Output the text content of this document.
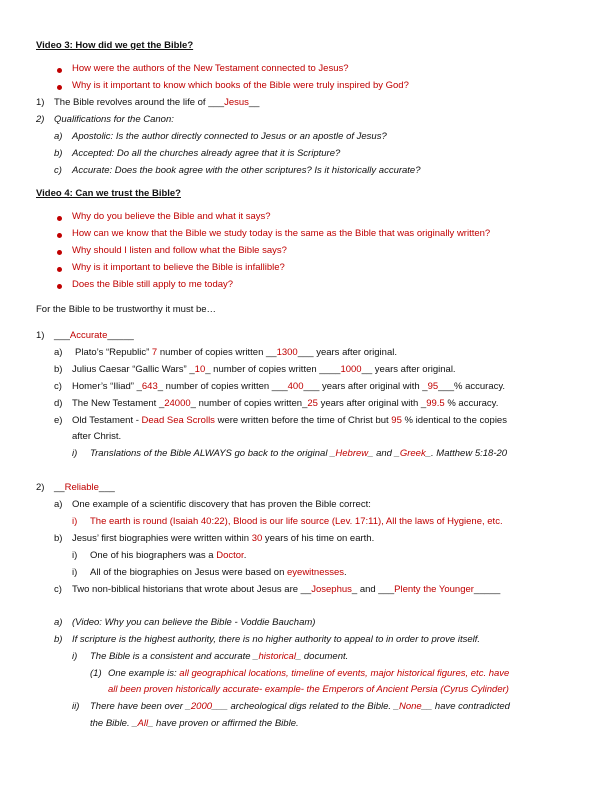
Video 3: How did we get the Bible?
How were the authors of the New Testament connected to Jesus?
Why is it important to know which books of the Bible were truly inspired by God?
1) The Bible revolves around the life of ___Jesus__
2) Qualifications for the Canon:
a) Apostolic: Is the author directly connected to Jesus or an apostle of Jesus?
b) Accepted: Do all the churches already agree that it is Scripture?
c) Accurate: Does the book agree with the other scriptures? Is it historically accurate?
Video 4: Can we trust the Bible?
Why do you believe the Bible and what it says?
How can we know that the Bible we study today is the same as the Bible that was originally written?
Why should I listen and follow what the Bible says?
Why is it important to believe the Bible is infallible?
Does the Bible still apply to me today?
For the Bible to be trustworthy it must be…
1) ___Accurate_____
a) Plato’s “Republic” 7 number of copies written __1300___ years after original.
b) Julius Caesar “Gallic Wars” _10_ number of copies written ____1000__ years after original.
c) Homer’s “Iliad” _643_ number of copies written ___400___ years after original with _95___% accuracy.
d) The New Testament _24000_ number of copies written_25 years after original with _99.5 % accuracy.
e) Old Testament - Dead Sea Scrolls were written before the time of Christ but 95 % identical to the copies
after Christ.
i) Translations of the Bible ALWAYS go back to the original _Hebrew_ and _Greek_. Matthew 5:18-20
2) __Reliable___
a) One example of a scientific discovery that has proven the Bible correct:
i) The earth is round (Isaiah 40:22), Blood is our life source (Lev. 17:11), All the laws of Hygiene, etc.
b) Jesus’ first biographies were written within 30 years of his time on earth.
i) One of his biographers was a Doctor.
i) All of the biographies on Jesus were based on eyewitnesses.
c) Two non-biblical historians that wrote about Jesus are __Josephus_ and ___Plenty the Younger_____
a) (Video: Why you can believe the Bible - Voddie Baucham)
b) If scripture is the highest authority, there is no higher authority to appeal to in order to prove itself.
i) The Bible is a consistent and accurate _historical_ document.
(1) One example is: all geographical locations, timeline of events, major historical figures, etc. have
all been proven historically accurate- example- the Emperors of Ancient Persia (Cyrus Cylinder)
ii) There have been over _2000___ archeological digs related to the Bible. _None__ have contradicted
the Bible. _All_ have proven or affirmed the Bible.
